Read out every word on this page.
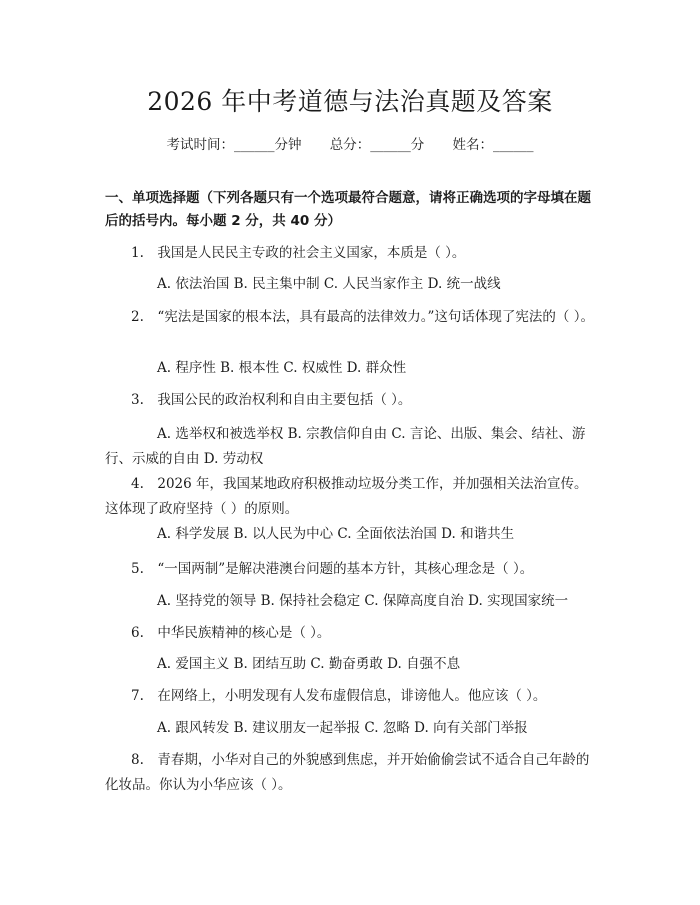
2026 年中考道德与法治真题及答案
考试时间：______分钟 总分：______分 姓名：______
一、单项选择题（下列各题只有一个选项最符合题意，请将正确选项的字母填在题后的括号内。每小题 2 分，共 40 分）
1.　我国是人民民主专政的社会主义国家，本质是（ ）。
A. 依法治国 B. 民主集中制 C. 人民当家作主 D. 统一战线
2.　“宪法是国家的根本法，具有最高的法律效力。”这句话体现了宪法的（ ）。
A. 程序性 B. 根本性 C. 权威性 D. 群众性
3.　我国公民的政治权利和自由主要包括（ ）。
A. 选举权和被选举权 B. 宗教信仰自由 C. 言论、出版、集会、结社、游行、示威的自由 D. 劳动权
4.　2026 年，我国某地政府积极推动垃圾分类工作，并加强相关法治宣传。这体现了政府坚持（ ）的原则。
A. 科学发展 B. 以人民为中心 C. 全面依法治国 D. 和谐共生
5.　“一国两制”是解决港澳台问题的基本方针，其核心理念是（ ）。
A. 坚持党的领导 B. 保持社会稳定 C. 保障高度自治 D. 实现国家统一
6.　中华民族精神的核心是（ ）。
A. 爱国主义 B. 团结互助 C. 勤奋勇敢 D. 自强不息
7.　在网络上，小明发现有人发布虚假信息，诽谤他人。他应该（ ）。
A. 跟风转发 B. 建议朋友一起举报 C. 忽略 D. 向有关部门举报
8.　青春期，小华对自己的外貌感到焦虑，并开始偷偷尝试不适合自己年龄的化妆品。你认为小华应该（ ）。
